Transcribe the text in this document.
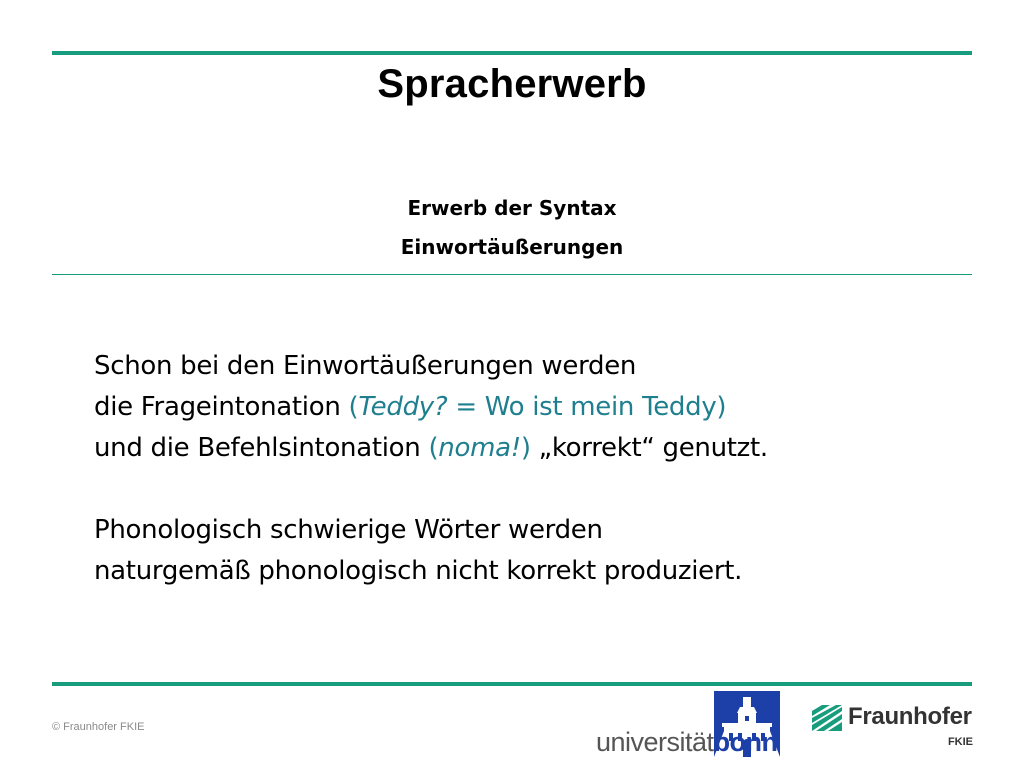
Spracherwerb
Erwerb der Syntax
Einwortäußerungen
Schon bei den Einwortäußerungen werden
die Frageintonation (Teddy? = Wo ist mein Teddy)
und die Befehlsintonation (noma!) „korrekt“ genutzt.
Phonologisch schwierige Wörter werden
naturgemäß phonologisch nicht korrekt produziert.
© Fraunhofer FKIE	universitätbonn
Fraunhofer
FKIE
